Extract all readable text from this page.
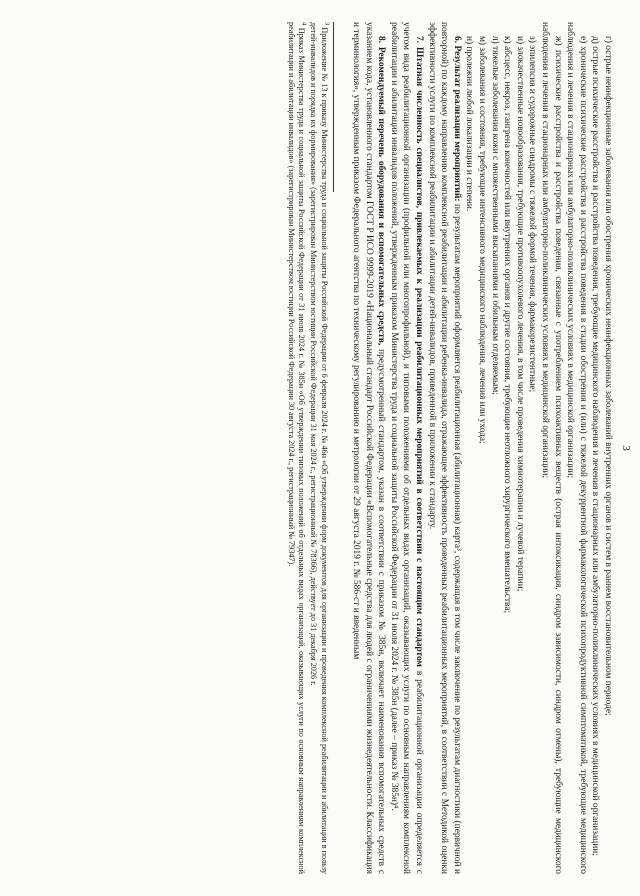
3

г) острые неинфекционные заболевания или обострения хронических неинфекционных заболеваний внутренних органов и систем в раннем восстановительном периоде;

д) острые психические расстройства и расстройства поведения, требующие медицинского наблюдения и лечения в стационарных или амбулаторно-поликлинических условиях в медицинской организации;

е) хронические психические расстройства и расстройства поведения в стадии обострения и (или) с тяжелой декуррентной фармакологической психопродуктивной симптоматикой, требующие медицинского наблюдения и лечения в стационарных или амбулаторно-поликлинических условиях в медицинской организации;

ж) психические расстройства и расстройства поведения, связанные с употреблением психоактивных веществ (острая интоксикация, синдром зависимости, синдром отмены), требующие медицинского наблюдения и лечения в стационарных или амбулаторно-поликлинических условиях в медицинской организации;

з) эпилепсия и судорожные синдромы с тяжелой формой течения, фармакорезистентные;

и) злокачественные новообразования, требующие противоопухолевого лечения, в том числе проведения химиотерапии и лучевой терапии;

к) абсцесс, некроз, гангрена конечностей или внутренних органов и другие состояния, требующие неотложного хирургического вмешательства;

л) тяжелые заболевания кожи с множественными высыпаниями и обильным отделяемым;

м) заболевания и состояния, требующие интенсивного медицинского наблюдения, лечения или ухода;

н) пролежни любой локализации и степени.

6. Результат реализации мероприятий: по результатам мероприятий оформляется реабилитационная (абилитационная) карта³, содержащая в том числе заключение по результатам диагностики (первичной и повторной) по каждому направлению комплексной реабилитации и абилитации ребенка-инвалида, отражающее эффективность проведенных реабилитационных мероприятий, в соответствии с Методикой оценки эффективности услуги по комплексной реабилитации и абилитации детей-инвалидов, приведенной в приложении к стандарту.

7. Штатная численность специалистов, привлекаемых к реализации реабилитационных мероприятий в соответствии с настоящим стандартом в реабилитационной организации определяется с учетом вида реабилитационной организации (профильной или многопрофильной), и типовыми положениями об отдельных видах организаций, оказывающих услуги по основным направлениям комплексной реабилитации и абилитации инвалидов положений, утвержденным приказом Министерства труда и социальной защиты Российской Федерации от 31 июля 2024 г. № 385н (далее – приказ № 385н)⁴.

8. Рекомендуемый перечень оборудования и вспомогательных средств, предусмотренный стандартом, указан в соответствии с приказом № 385н, включает наименования вспомогательных средств с указанием кода, установленного стандартом ГОСТ Р ИСО 9999-2019 «Национальный стандарт Российской Федерации «Вспомогательные средства для людей с ограничениями жизнедеятельности. Классификация и терминология», утвержденным приказом Федерального агентства по техническому регулированию и метрологии от 29 августа 2019 г. № 586-ст и введенным

$^3$ Приложение № 13 к приказу Министерства труда и социальной защиты Российской Федерации от 6 февраля 2024 г. № 46н «Об утверждении форм документов для организации и проведения комплексной реабилитации и абилитации в пользу детей-инвалидов и порядка их формирования» (зарегистрирован Министерством юстиции Российской Федерации 31 мая 2024 г., регистрационный № 78366), действует до 31 декабря 2026 г.

$^4$ Приказ Министерства труда и социальной защиты Российской Федерации от 31 июля 2024 г. № 385н «Об утверждении типовых положений об отдельных видах организаций, оказывающих услуги по основным направлениям комплексной реабилитации и абилитации инвалидов» (зарегистрирован Министерством юстиции Российской Федерации 30 августа 2024 г., регистрационный № 79347).
